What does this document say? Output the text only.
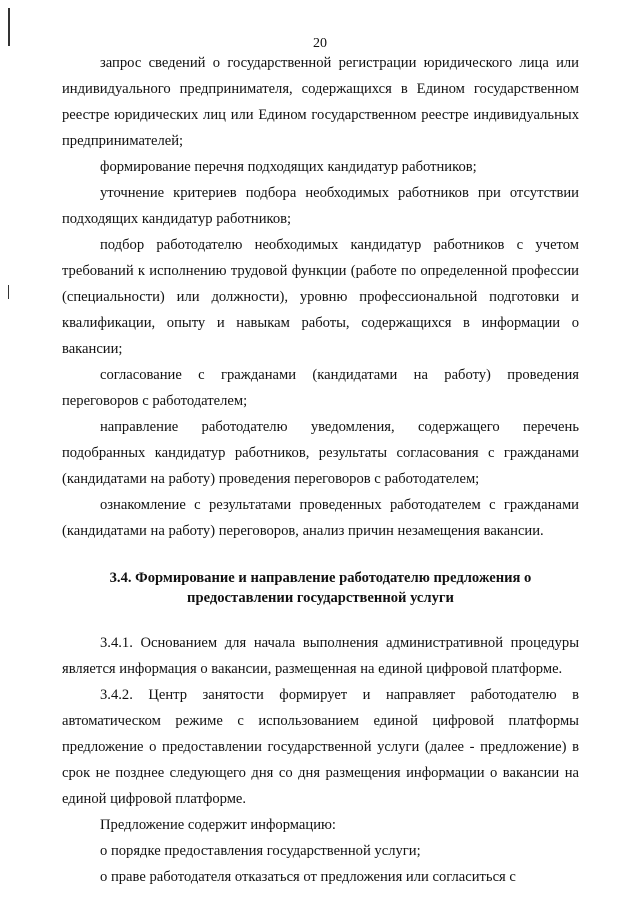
20

запрос сведений о государственной регистрации юридического лица или индивидуального предпринимателя, содержащихся в Едином государственном реестре юридических лиц или Едином государственном реестре индивидуальных предпринимателей;

формирование перечня подходящих кандидатур работников;

уточнение критериев подбора необходимых работников при отсутствии подходящих кандидатур работников;

подбор работодателю необходимых кандидатур работников с учетом требований к исполнению трудовой функции (работе по определенной профессии (специальности) или должности), уровню профессиональной подготовки и квалификации, опыту и навыкам работы, содержащихся в информации о вакансии;

согласование с гражданами (кандидатами на работу) проведения переговоров с работодателем;

направление работодателю уведомления, содержащего перечень подобранных кандидатур работников, результаты согласования с гражданами (кандидатами на работу) проведения переговоров с работодателем;

ознакомление с результатами проведенных работодателем с гражданами (кандидатами на работу) переговоров, анализ причин незамещения вакансии.

3.4. Формирование и направление работодателю предложения о
предоставлении государственной услуги

3.4.1. Основанием для начала выполнения административной процедуры является информация о вакансии, размещенная на единой цифровой платформе.

3.4.2. Центр занятости формирует и направляет работодателю в автоматическом режиме с использованием единой цифровой платформы предложение о предоставлении государственной услуги (далее - предложение) в срок не позднее следующего дня со дня размещения информации о вакансии на единой цифровой платформе.

Предложение содержит информацию:

о порядке предоставления государственной услуги;

о праве работодателя отказаться от предложения или согласиться с
